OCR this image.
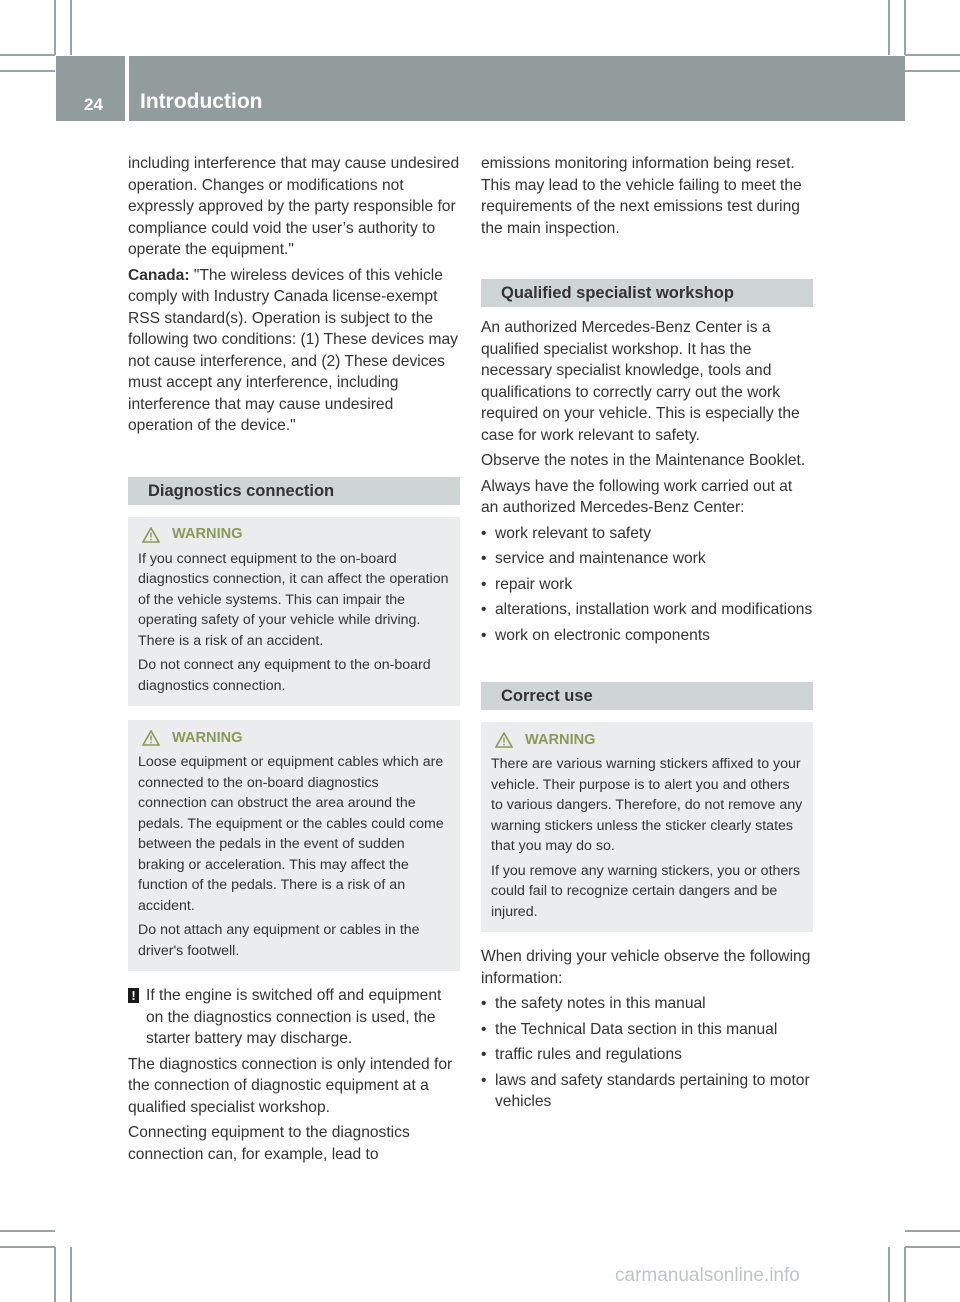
24 Introduction

including interference that may cause undesired operation. Changes or modifications not expressly approved by the party responsible for compliance could void the user’s authority to operate the equipment."

Canada: "The wireless devices of this vehicle comply with Industry Canada license-exempt RSS standard(s). Operation is subject to the following two conditions: (1) These devices may not cause interference, and (2) These devices must accept any interference, including interference that may cause undesired operation of the device."

Diagnostics connection
WARNING

If you connect equipment to the on-board diagnostics connection, it can affect the operation of the vehicle systems. This can impair the operating safety of your vehicle while driving. There is a risk of an accident.

Do not connect any equipment to the on-board diagnostics connection.

WARNING

Loose equipment or equipment cables which are connected to the on-board diagnostics connection can obstruct the area around the pedals. The equipment or the cables could come between the pedals in the event of sudden braking or acceleration. This may affect the function of the pedals. There is a risk of an accident.

Do not attach any equipment or cables in the driver's footwell.

! If the engine is switched off and equipment on the diagnostics connection is used, the starter battery may discharge.

The diagnostics connection is only intended for the connection of diagnostic equipment at a qualified specialist workshop.

Connecting equipment to the diagnostics connection can, for example, lead to

emissions monitoring information being reset. This may lead to the vehicle failing to meet the requirements of the next emissions test during the main inspection.

Qualified specialist workshop

An authorized Mercedes-Benz Center is a qualified specialist workshop. It has the necessary specialist knowledge, tools and qualifications to correctly carry out the work required on your vehicle. This is especially the case for work relevant to safety.

Observe the notes in the Maintenance Booklet.

Always have the following work carried out at an authorized Mercedes-Benz Center:

• work relevant to safety
• service and maintenance work
• repair work
• alterations, installation work and modifications
• work on electronic components
Correct use
WARNING

There are various warning stickers affixed to your vehicle. Their purpose is to alert you and others to various dangers. Therefore, do not remove any warning stickers unless the sticker clearly states that you may do so.

If you remove any warning stickers, you or others could fail to recognize certain dangers and be injured.

When driving your vehicle observe the following information:

• the safety notes in this manual
• the Technical Data section in this manual
• traffic rules and regulations
• laws and safety standards pertaining to motor vehicles
carmanualsonline.info
